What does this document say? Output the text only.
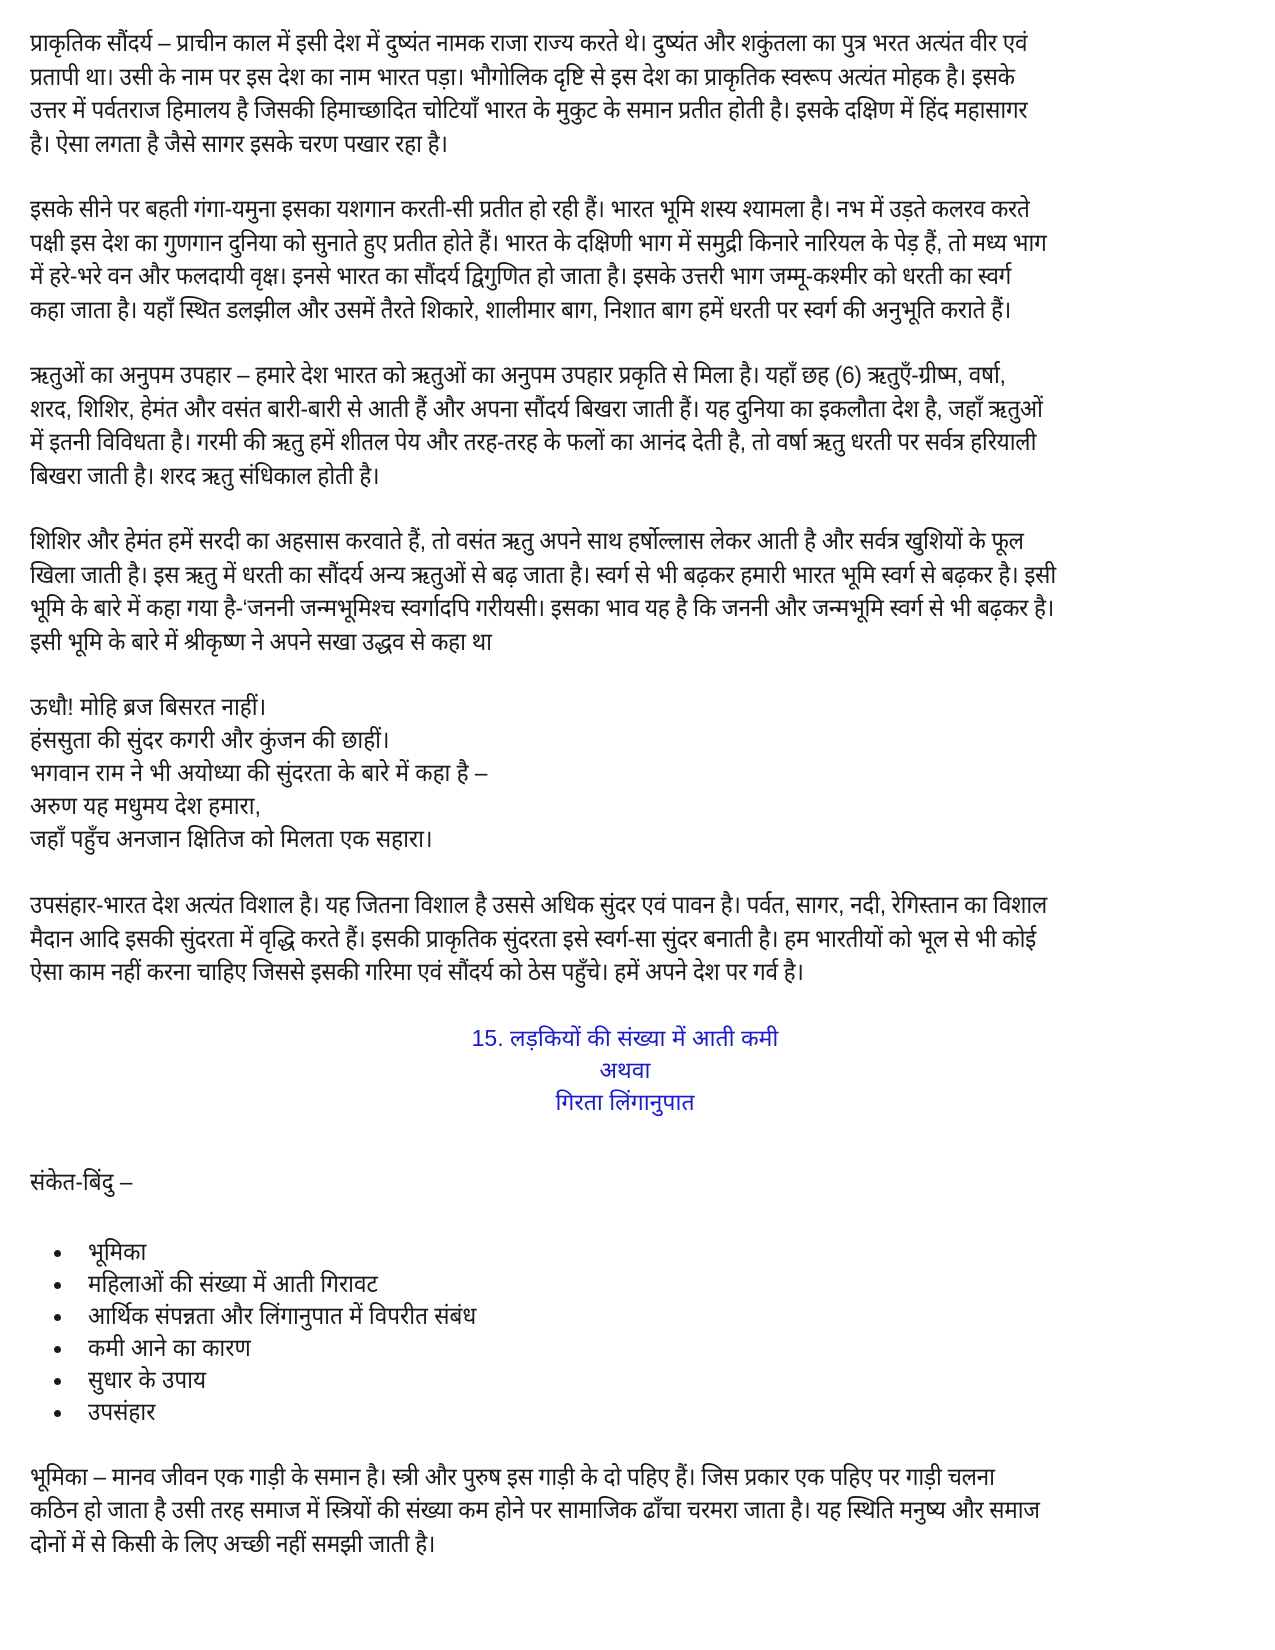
प्राकृतिक सौंदर्य – प्राचीन काल में इसी देश में दुष्यंत नामक राजा राज्य करते थे। दुष्यंत और शकुंतला का पुत्र भरत अत्यंत वीर एवं
प्रतापी था। उसी के नाम पर इस देश का नाम भारत पड़ा। भौगोलिक दृष्टि से इस देश का प्राकृतिक स्वरूप अत्यंत मोहक है। इसके
उत्तर में पर्वतराज हिमालय है जिसकी हिमाच्छादित चोटियाँ भारत के मुकुट के समान प्रतीत होती है। इसके दक्षिण में हिंद महासागर
है। ऐसा लगता है जैसे सागर इसके चरण पखार रहा है।

इसके सीने पर बहती गंगा-यमुना इसका यशगान करती-सी प्रतीत हो रही हैं। भारत भूमि शस्य श्यामला है। नभ में उड़ते कलरव करते
पक्षी इस देश का गुणगान दुनिया को सुनाते हुए प्रतीत होते हैं। भारत के दक्षिणी भाग में समुद्री किनारे नारियल के पेड़ हैं, तो मध्य भाग
में हरे-भरे वन और फलदायी वृक्ष। इनसे भारत का सौंदर्य द्विगुणित हो जाता है। इसके उत्तरी भाग जम्मू-कश्मीर को धरती का स्वर्ग
कहा जाता है। यहाँ स्थित डलझील और उसमें तैरते शिकारे, शालीमार बाग, निशात बाग हमें धरती पर स्वर्ग की अनुभूति कराते हैं।

ऋतुओं का अनुपम उपहार – हमारे देश भारत को ऋतुओं का अनुपम उपहार प्रकृति से मिला है। यहाँ छह (6) ऋतुएँ-ग्रीष्म, वर्षा,
शरद, शिशिर, हेमंत और वसंत बारी-बारी से आती हैं और अपना सौंदर्य बिखरा जाती हैं। यह दुनिया का इकलौता देश है, जहाँ ऋतुओं
में इतनी विविधता है। गरमी की ऋतु हमें शीतल पेय और तरह-तरह के फलों का आनंद देती है, तो वर्षा ऋतु धरती पर सर्वत्र हरियाली
बिखरा जाती है। शरद ऋतु संधिकाल होती है।

शिशिर और हेमंत हमें सरदी का अहसास करवाते हैं, तो वसंत ऋतु अपने साथ हर्षोल्लास लेकर आती है और सर्वत्र खुशियों के फूल
खिला जाती है। इस ऋतु में धरती का सौंदर्य अन्य ऋतुओं से बढ़ जाता है। स्वर्ग से भी बढ़कर हमारी भारत भूमि स्वर्ग से बढ़कर है। इसी
भूमि के बारे में कहा गया है-‘जननी जन्मभूमिश्च स्वर्गादपि गरीयसी। इसका भाव यह है कि जननी और जन्मभूमि स्वर्ग से भी बढ़कर है।
इसी भूमि के बारे में श्रीकृष्ण ने अपने सखा उद्धव से कहा था

ऊधौ! मोहि ब्रज बिसरत नाहीं।
हंससुता की सुंदर कगरी और कुंजन की छाहीं।
भगवान राम ने भी अयोध्या की सुंदरता के बारे में कहा है –
अरुण यह मधुमय देश हमारा,
जहाँ पहुँच अनजान क्षितिज को मिलता एक सहारा।

उपसंहार-भारत देश अत्यंत विशाल है। यह जितना विशाल है उससे अधिक सुंदर एवं पावन है। पर्वत, सागर, नदी, रेगिस्तान का विशाल
मैदान आदि इसकी सुंदरता में वृद्धि करते हैं। इसकी प्राकृतिक सुंदरता इसे स्वर्ग-सा सुंदर बनाती है। हम भारतीयों को भूल से भी कोई
ऐसा काम नहीं करना चाहिए जिससे इसकी गरिमा एवं सौंदर्य को ठेस पहुँचे। हमें अपने देश पर गर्व है।

15. लड़कियों की संख्या में आती कमी
अथवा
गिरता लिंगानुपात
संकेत-बिंदु –
भूमिका
महिलाओं की संख्या में आती गिरावट
आर्थिक संपन्नता और लिंगानुपात में विपरीत संबंध
कमी आने का कारण
सुधार के उपाय
उपसंहार

भूमिका – मानव जीवन एक गाड़ी के समान है। स्त्री और पुरुष इस गाड़ी के दो पहिए हैं। जिस प्रकार एक पहिए पर गाड़ी चलना
कठिन हो जाता है उसी तरह समाज में स्त्रियों की संख्या कम होने पर सामाजिक ढाँचा चरमरा जाता है। यह स्थिति मनुष्य और समाज
दोनों में से किसी के लिए अच्छी नहीं समझी जाती है।
